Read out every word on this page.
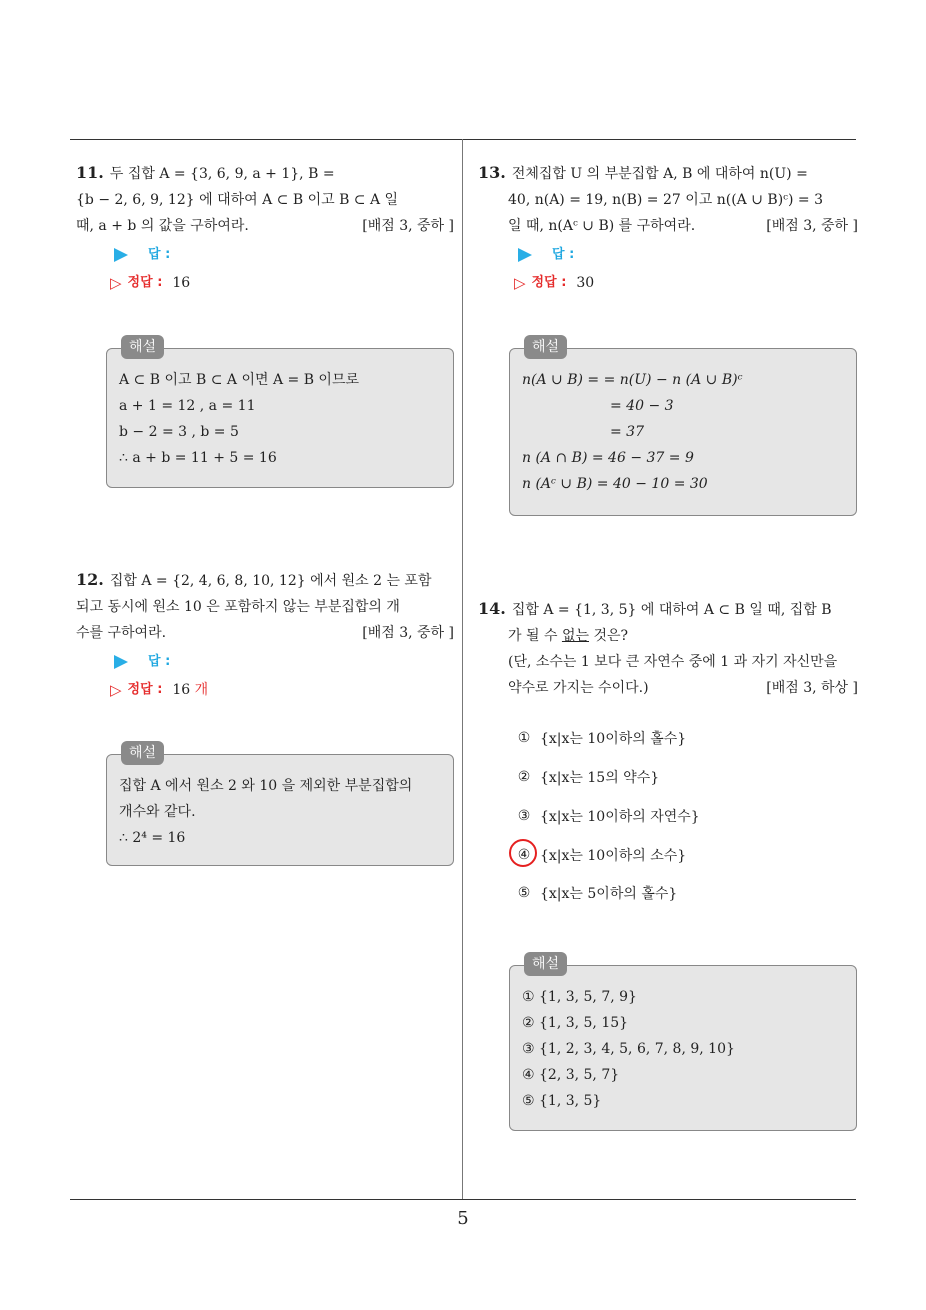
11. 두 집합 A = {3, 6, 9, a + 1}, B =
{b − 2, 6, 9, 12} 에 대하여 A ⊂ B 이고 B ⊂ A 일
때, a + b 의 값을 구하여라.	[배점 3, 중하 ]
답 :
▷ 정답 : 16
해설
A ⊂ B 이고 B ⊂ A 이면 A = B 이므로
a + 1 = 12 , a = 11
b − 2 = 3 , b = 5
∴ a + b = 11 + 5 = 16
12. 집합 A = {2, 4, 6, 8, 10, 12} 에서 원소 2 는 포함
되고 동시에 원소 10 은 포함하지 않는 부분집합의 개
수를 구하여라.	[배점 3, 중하 ]
답 :
▷ 정답 : 16
개
해설
집합 A 에서 원소 2 와 10 을 제외한 부분집합의
개수와 같다.
∴ 2⁴ = 16
13. 전체집합 U 의 부분집합 A, B 에 대하여 n(U) =
40, n(A) = 19, n(B) = 27 이고 n((A ∪ B)ᶜ) = 3
일 때, n(Aᶜ ∪ B) 를 구하여라.	[배점 3, 중하 ]
답 :
▷ 정답 : 30
해설
n(A ∪ B) = = n(U) − n (A ∪ B)ᶜ
= 40 − 3
= 37
n (A ∩ B) = 46 − 37 = 9
n (Aᶜ ∪ B) = 40 − 10 = 30
14. 집합 A = {1, 3, 5} 에 대하여 A ⊂ B 일 때, 집합 B
가 될 수 없는 것은?
(단, 소수는 1 보다 큰 자연수 중에 1 과 자기 자신만을
약수로 가지는 수이다.)	[배점 3, 하상 ]
① {x|x는 10이하의 홀수}
② {x|x는 15의 약수}
③ {x|x는 10이하의 자연수}
④ {x|x는 10이하의 소수}
⑤ {x|x는 5이하의 홀수}
해설
① {1, 3, 5, 7, 9}
② {1, 3, 5, 15}
③ {1, 2, 3, 4, 5, 6, 7, 8, 9, 10}
④ {2, 3, 5, 7}
⑤ {1, 3, 5}
5
